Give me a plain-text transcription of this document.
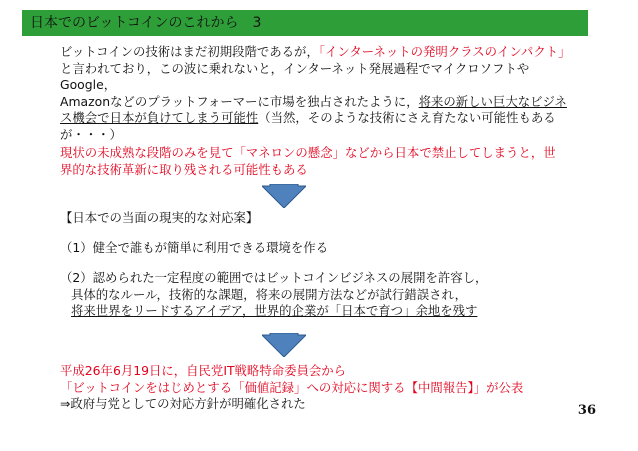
日本でのビットコインのこれから　3
ビットコインの技術はまだ初期段階であるが，「インターネットの発明クラスのインパクト」
と言われており，この波に乗れないと，インターネット発展過程でマイクロソフトやGoogle，
Amazonなどのプラットフォーマーに市場を独占されたように，将来の新しい巨大なビジネ
ス機会で日本が負けてしまう可能性（当然，そのような技術にさえ育たない可能性もある
が・・・）
現状の未成熟な段階のみを見て「マネロンの懸念」などから日本で禁止してしまうと，世
界的な技術革新に取り残される可能性もある
【日本での当面の現実的な対応案】
（1）健全で誰もが簡単に利用できる環境を作る
（2）認められた一定程度の範囲ではビットコインビジネスの展開を許容し，
具体的なルール，技術的な課題，将来の展開方法などが試行錯誤され，
将来世界をリードするアイデア，世界的企業が「日本で育つ」余地を残す
平成26年6月19日に，自民党IT戦略特命委員会から
「ビットコインをはじめとする「価値記録」への対応に関する【中間報告】」が公表
⇒政府与党としての対応方針が明確化された	36
